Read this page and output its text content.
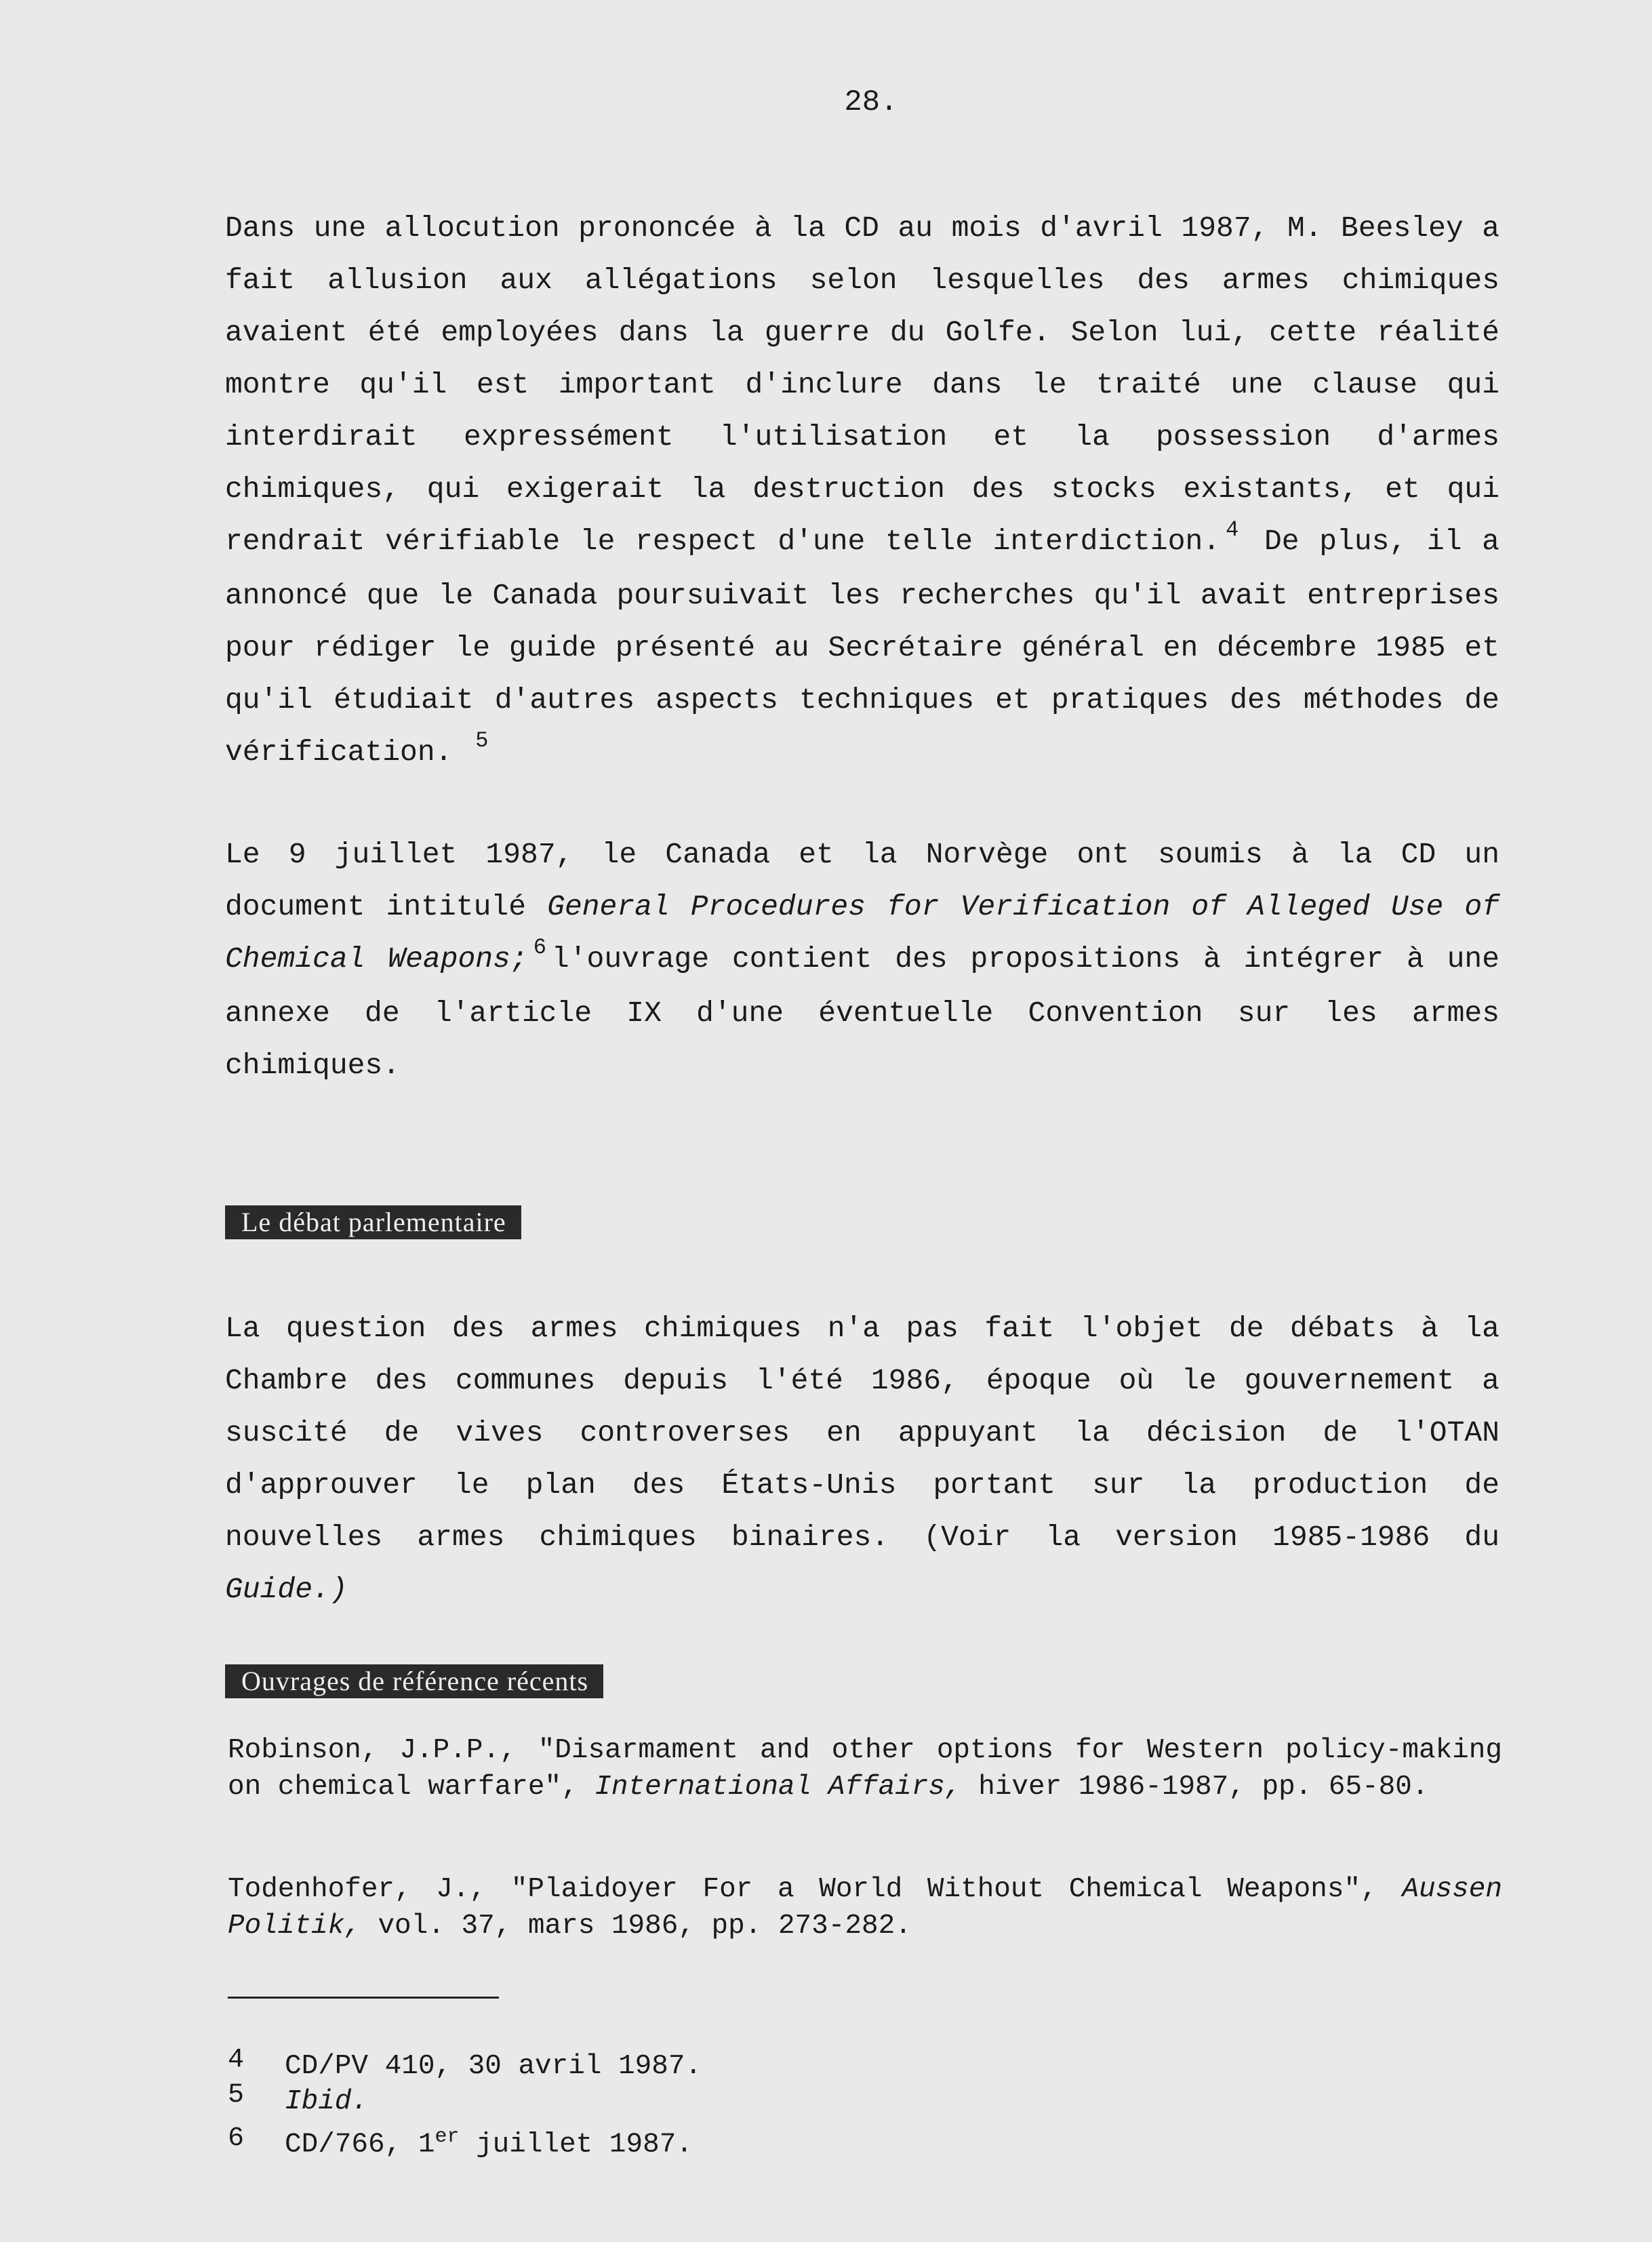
28.

Dans une allocution prononcée à la CD au mois d'avril 1987, M. Beesley a fait allusion aux allégations selon lesquelles des armes chimiques avaient été employées dans la guerre du Golfe. Selon lui, cette réalité montre qu'il est important d'inclure dans le traité une clause qui interdirait expressément l'utilisation et la possession d'armes chimiques, qui exigerait la destruction des stocks existants, et qui rendrait vérifiable le respect d'une telle interdiction. $^4$ De plus, il a annoncé que le Canada poursuivait les recherches qu'il avait entreprises pour rédiger le guide présenté au Secrétaire général en décembre 1985 et qu'il étudiait d'autres aspects techniques et pratiques des méthodes de vérification. $^5$

Le 9 juillet 1987, le Canada et la Norvège ont soumis à la CD un document intitulé General Procedures for Verification of Alleged Use of Chemical Weapons; $^6$ l'ouvrage contient des propositions à intégrer à une annexe de l'article IX d'une éventuelle Convention sur les armes chimiques.

Le débat parlementaire

La question des armes chimiques n'a pas fait l'objet de débats à la Chambre des communes depuis l'été 1986, époque où le gouvernement a suscité de vives controverses en appuyant la décision de l'OTAN d'approuver le plan des États-Unis portant sur la production de nouvelles armes chimiques binaires. (Voir la version 1985-1986 du Guide.)

Ouvrages de référence récents

Robinson, J.P.P., "Disarmament and other options for Western policy-making on chemical warfare", International Affairs, hiver 1986-1987, pp. 65-80.

Todenhofer, J., "Plaidoyer For a World Without Chemical Weapons", Aussen Politik, vol. 37, mars 1986, pp. 273-282.

4 CD/PV 410, 30 avril 1987.
5 Ibid.
6 CD/766, 1er juillet 1987.
